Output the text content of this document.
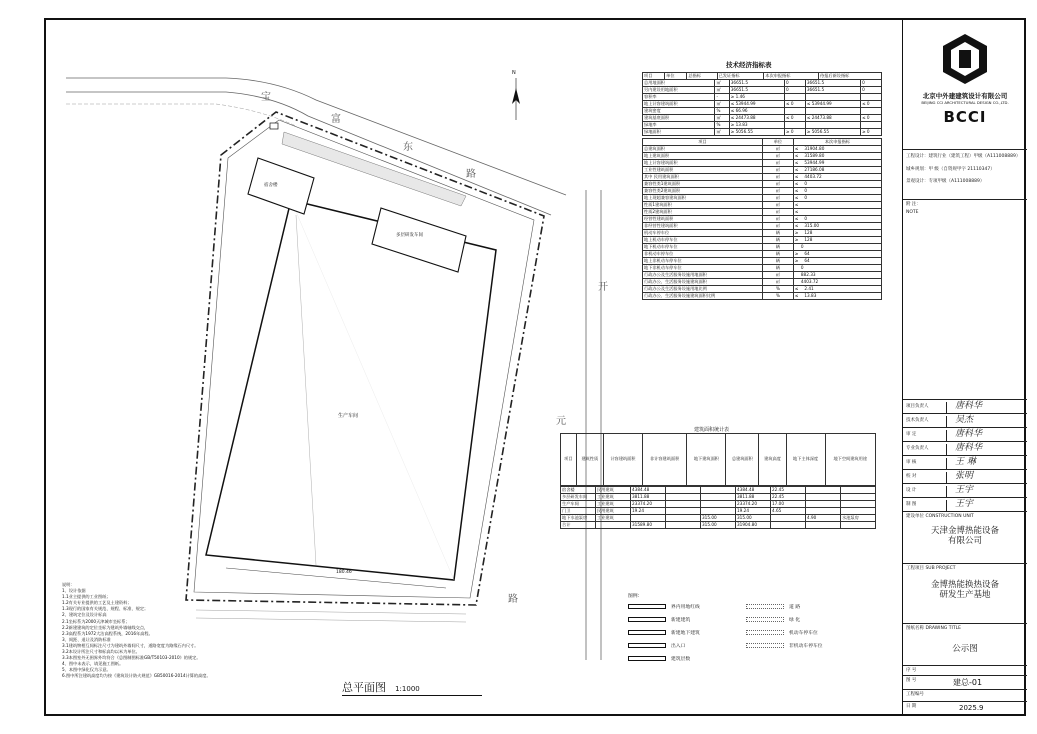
宝
富
东
路
开
元
路
生产车间
宿舍楼
多层研发车间
180.46
N
技术经济指标表
项目	单位	总指标	已发证指标	本次申报指标	待报后新设指标
总用地面积	㎡	36651.5	0	36651.5	0
另内建设用地面积	㎡	36651.5	0	36651.5	0
容积率	-	≥ 1.46			
地上计容建筑面积	㎡	≤ 53944.99	≤ 0	≤ 53944.99	≤ 0
建筑密度	%	≤ 66.96			
建筑基底面积	㎡	≤ 24473.88	≤ 0	≤ 24473.88	≤ 0
绿地率	%	≥ 13.83			
绿地面积	㎡	≥ 5056.55	≥ 0	≥ 5056.55	≥ 0
项目	单位	本次申报指标
总建筑面积	㎡	≤ 31904.80
地上建筑面积	㎡	≤ 31589.80
地上计容建筑面积	㎡	≤ 53944.99
工业性建筑面积	㎡	≤ 27186.08
其中 民用建筑面积	㎡	≤ 4403.72
兼容性类1建筑面积	㎡	≤ 0
兼容性类2建筑面积	㎡	≤ 0
地上现超兼容建筑面积	㎡	≤ 0
性质1建筑面积	㎡	≤
性质2建筑面积	㎡	≤
经营性建筑面积	㎡	≤ 0
非经营性建筑面积	㎡	≤ 315.00
机动车停车位	辆	≥ 128
地上机动车停车位	辆	≥ 128
地下机动车停车位	辆	0
非机动车停车位	辆	≥ 64
地上非机动车停车位	辆	≥ 64
地下非机动车停车位	辆	0
行政办公及生活服务设施用地面积	㎡	882.33
行政办公、生活服务设施建筑面积	㎡	4403.72
行政办公及生活服务设施用地比例	%	≤ 2.41
行政办公、生活服务设施建筑面积比例	%	≤ 13.83
建筑面积统计表
项目	建筑性质	计容建筑面积	非计容建筑面积	地下建筑面积	总建筑面积	建筑高度	地下主体深度	地下空间建筑用途
宿舍楼	民用建筑	4384.48			4384.48	22.45		
多层研发车间	工业建筑	3811.88			3811.88	22.45		
生产车间	工业建筑	23374.20			23374.20	17.00		
门卫	民用建筑	19.24			19.24	4.65		
地下水池泵房	工业建筑			315.00	315.00		4.90	水池泵房
合计		31589.80		315.00	31904.80			
说明：
1、设计依据
1.1业主提供的工业图纸；
1.2有关专业提供的工艺及土建资料；
1.3现行的国家有关规范、规程、标准、规定；
2、建筑定位及设计标高
2.1坐标系为2000天津城市坐标系；
2.2新建建筑的定位坐标为建筑外墙轴线交点，
2.3高程系为1972大沽高程系统，2016年高程。
3、间距、退让及消防标准
3.1建筑物相互间标注尺寸为建筑外墙间尺寸，道路宽度为路缘石内尺寸。
3.2本设计所注尺寸和标高均以米为单位。
3.3本图室外无围界外均符合《总图制图标准GB/T50103-2010》的规定。
4、图中未表示，请见施工图纸。
5、本图中绿化仅为示意。
6.图中所注建筑高度均为按《建筑设计防火规范》GB50016-2014计算的高度。
图例：
界内用地红线	道 路
新建建筑	绿 化
新建地下建筑	机动车停车位
出入口	非机动车停车位
建筑层数
总平面图 1:1000
北京中外建建筑设计有限公司
BEIJING CCI ARCHITECTURAL DESIGN CO.,LTD.
BCCI
工程设计：建筑行业（建筑工程）甲级（A111008889）
城乡规划：甲 级（自资规甲字 21110347）
景观设计：专项甲级（A111008889）
附 注：
NOTE
项目负责人	唐科华
技术负责人	吴杰
审 定	唐科华
专业负责人	唐科华
审 核	王 琳
校 对	张明
设 计	王宇
制 图	王宇
建设单位 CONSTRUCTION UNIT
天津金博热能设备
有限公司
工程项目 SUB PROJECT
金博热能换热设备
研发生产基地
图纸名称 DRAWING TITLE
公示图
序 号
图 号	建总-01
工程编号
日 期	2025.9
